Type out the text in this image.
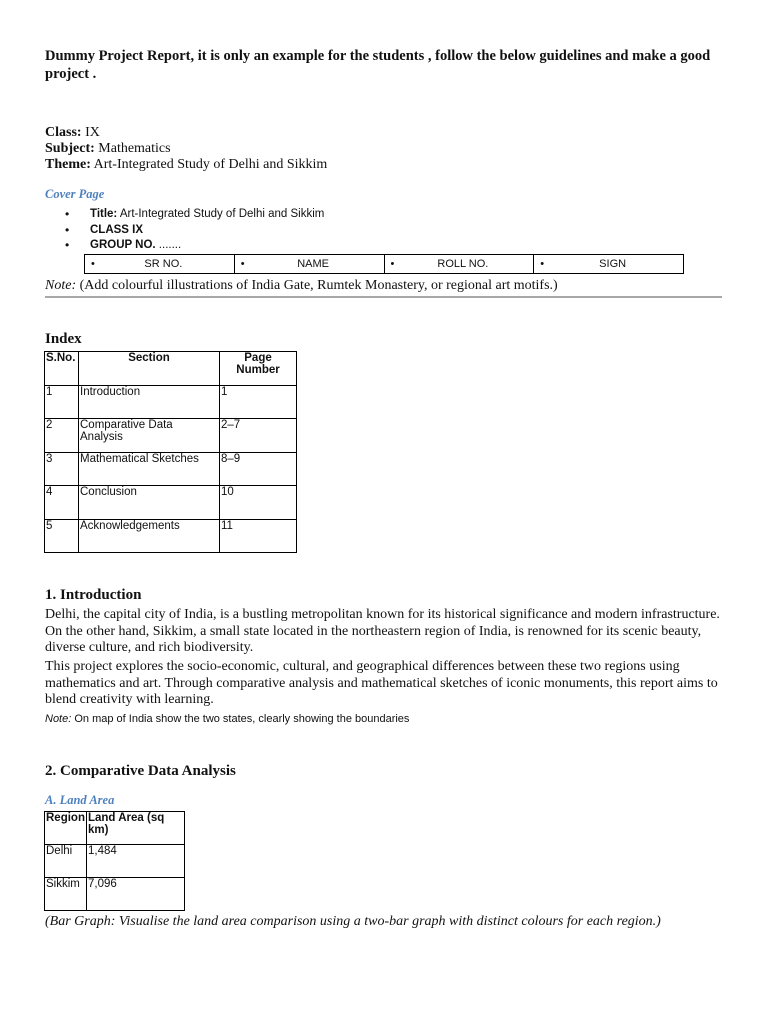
Dummy Project Report, it is only an example for the students , follow the below guidelines and make a good project .
Class: IX
Subject: Mathematics
Theme: Art-Integrated Study of Delhi and Sikkim
Cover Page
• Title: Art-Integrated Study of Delhi and Sikkim
• CLASS IX
• GROUP NO. .......
•	SR NO.	•	NAME	•	ROLL NO.	•	SIGN
Note: (Add colourful illustrations of India Gate, Rumtek Monastery, or regional art motifs.)
Index
S.No.	Section	Page Number
1	Introduction	1
2	Comparative Data Analysis	2–7
3	Mathematical Sketches	8–9
4	Conclusion	10
5	Acknowledgements	11
1. Introduction
Delhi, the capital city of India, is a bustling metropolitan known for its historical significance and modern infrastructure. On the other hand, Sikkim, a small state located in the northeastern region of India, is renowned for its scenic beauty, diverse culture, and rich biodiversity.
This project explores the socio-economic, cultural, and geographical differences between these two regions using mathematics and art. Through comparative analysis and mathematical sketches of iconic monuments, this report aims to blend creativity with learning.
Note: On map of India show the two states, clearly showing the boundaries
2. Comparative Data Analysis
A. Land Area
Region	Land Area (sq km)
Delhi	1,484
Sikkim	7,096
(Bar Graph: Visualise the land area comparison using a two-bar graph with distinct colours for each region.)
